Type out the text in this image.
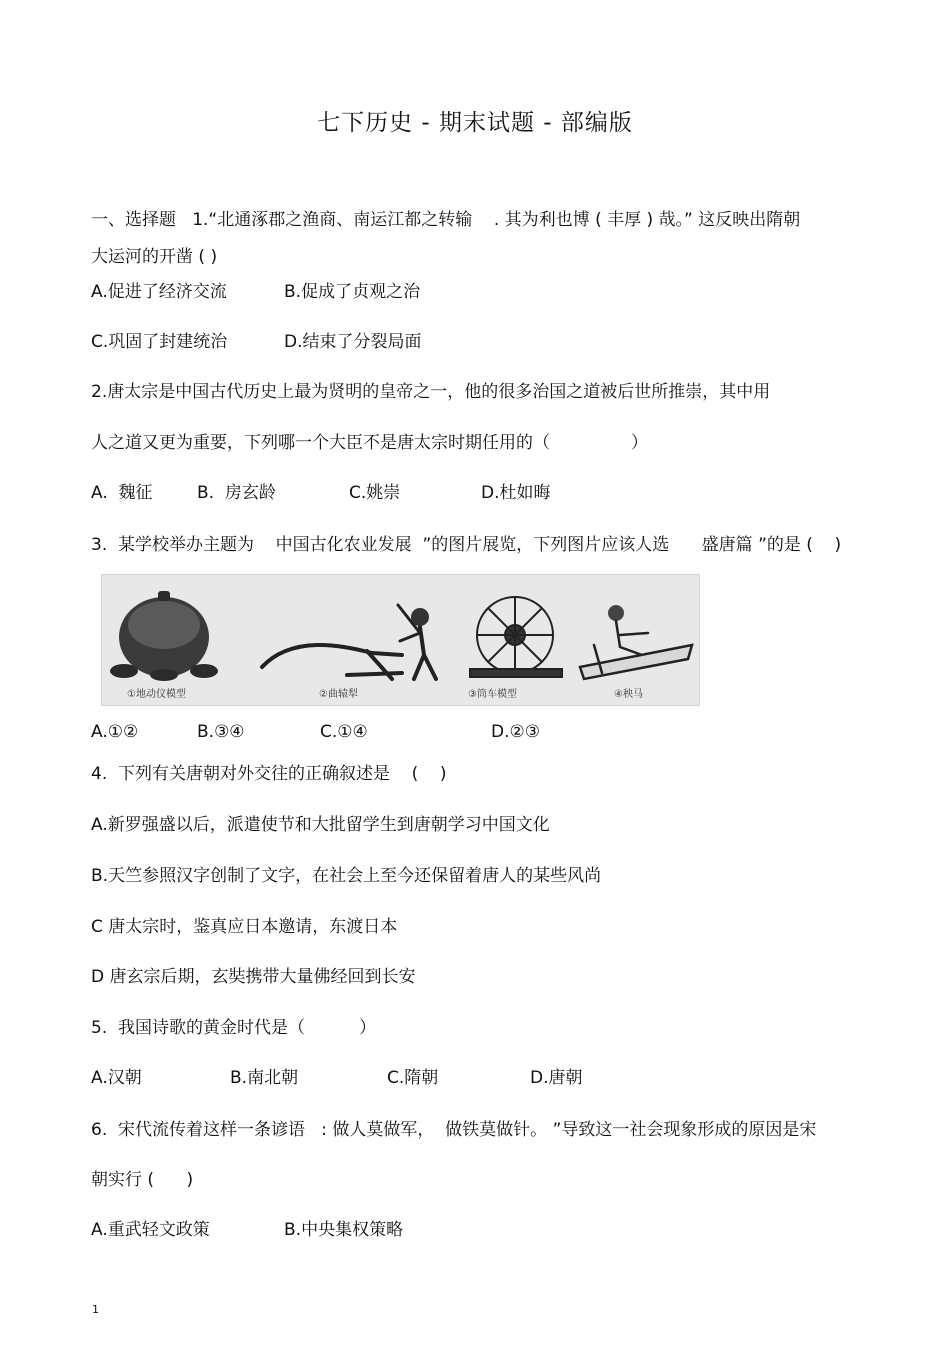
七下历史 - 期末试题 - 部编版
一、选择题   1.“北通涿郡之渔商、南运江都之转输    . 其为利也博 ( 丰厚 ) 哉。” 这反映出隋朝
大运河的开凿 ( )
A.促进了经济交流	B.促成了贞观之治
C.巩固了封建统治	D.结束了分裂局面
2.唐太宗是中国古代历史上最为贤明的皇帝之一，他的很多治国之道被后世所推崇，其中用
人之道又更为重要，下列哪一个大臣不是唐太宗时期任用的（               ）
A.  魏征	B.  房玄龄	C.姚崇	D.杜如晦
3.  某学校举办主题为    中国古化农业发展  ”的图片展览，下列图片应该人选      盛唐篇 ”的是 (    )
①地动仪模型	②曲辕犁	③筒车模型	④秧马
A.①②	B.③④	C.①④	D.②③
4.  下列有关唐朝对外交往的正确叙述是    (    )
A.新罗强盛以后，派遣使节和大批留学生到唐朝学习中国文化
B.天竺参照汉字创制了文字，在社会上至今还保留着唐人的某些风尚
C 唐太宗时，鉴真应日本邀请，东渡日本
D 唐玄宗后期，玄奘携带大量佛经回到长安
5.  我国诗歌的黄金时代是（          ）
A.汉朝	B.南北朝	C.隋朝	D.唐朝
6.  宋代流传着这样一条谚语   : 做人莫做军，  做铁莫做针。 ”导致这一社会现象形成的原因是宋
朝实行 (      )
A.重武轻文政策	B.中央集权策略
1
